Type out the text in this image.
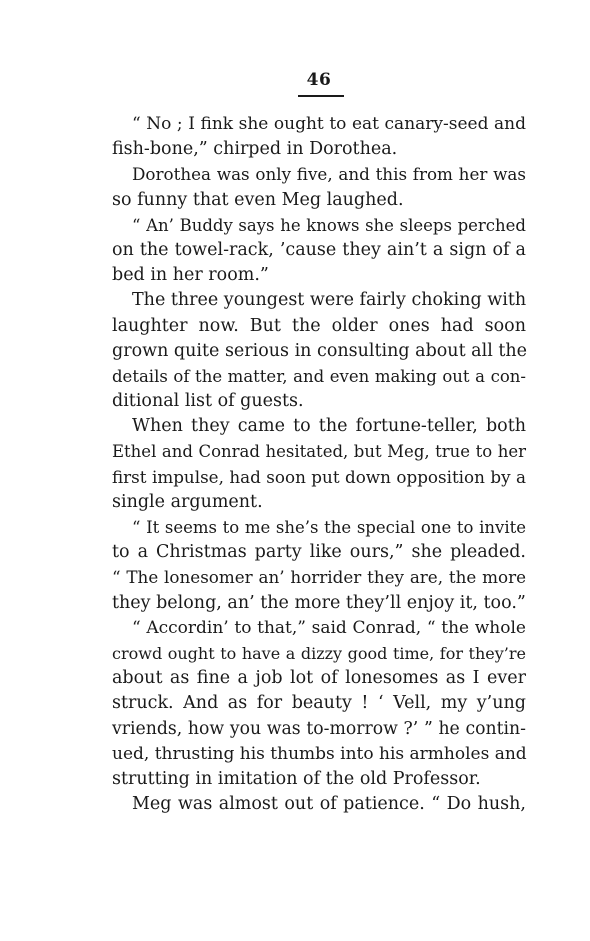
46
“ No ; I fink she ought to eat canary-seed and
fish-bone,” chirped in Dorothea.
Dorothea was only five, and this from her was
so funny that even Meg laughed.
“ An’ Buddy says he knows she sleeps perched
on the towel-rack, ’cause they ain’t a sign of a
bed in her room.”
The three youngest were fairly choking with
laughter now. But the older ones had soon
grown quite serious in consulting about all the
details of the matter, and even making out a con-
ditional list of guests.
When they came to the fortune-teller, both
Ethel and Conrad hesitated, but Meg, true to her
first impulse, had soon put down opposition by a
single argument.
“ It seems to me she’s the special one to invite
to a Christmas party like ours,” she pleaded.
“ The lonesomer an’ horrider they are, the more
they belong, an’ the more they’ll enjoy it, too.”
“ Accordin’ to that,” said Conrad, “ the whole
crowd ought to have a dizzy good time, for they’re
about as fine a job lot of lonesomes as I ever
struck. And as for beauty ! ‘ Vell, my y’ung
vriends, how you was to-morrow ?’ ” he contin-
ued, thrusting his thumbs into his armholes and
strutting in imitation of the old Professor.
Meg was almost out of patience. “ Do hush,
